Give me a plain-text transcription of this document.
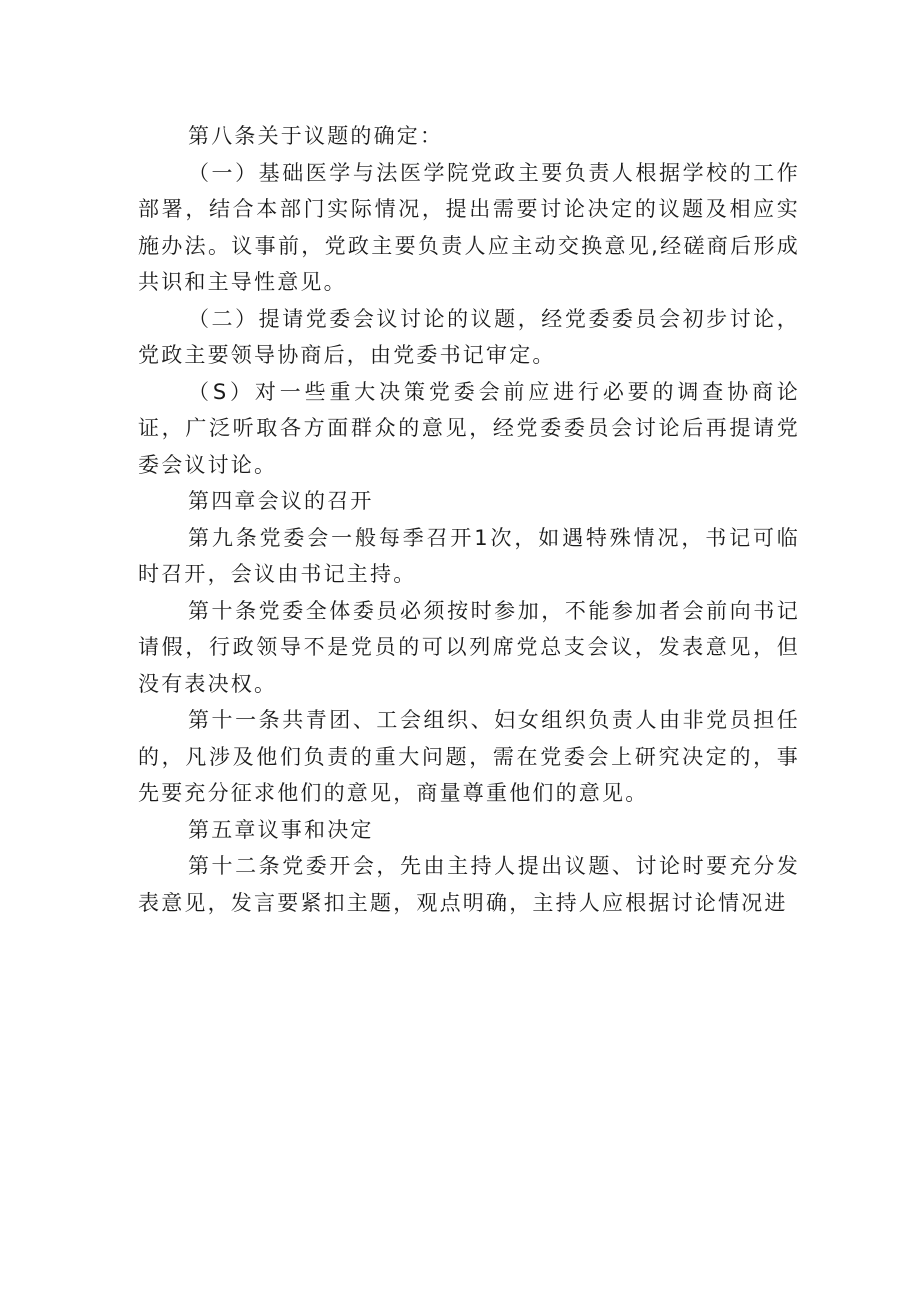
第八条关于议题的确定：

（一）基础医学与法医学院党政主要负责人根据学校的工作部署，结合本部门实际情况，提出需要讨论决定的议题及相应实施办法。议事前，党政主要负责人应主动交换意见,经磋商后形成共识和主导性意见。

（二）提请党委会议讨论的议题，经党委委员会初步讨论，党政主要领导协商后，由党委书记审定。

（S）对一些重大决策党委会前应进行必要的调查协商论证，广泛听取各方面群众的意见，经党委委员会讨论后再提请党委会议讨论。

第四章会议的召开

第九条党委会一般每季召开1次，如遇特殊情况，书记可临时召开，会议由书记主持。

第十条党委全体委员必须按时参加，不能参加者会前向书记请假，行政领导不是党员的可以列席党总支会议，发表意见，但没有表决权。

第十一条共青团、工会组织、妇女组织负责人由非党员担任的，凡涉及他们负责的重大问题，需在党委会上研究决定的，事先要充分征求他们的意见，商量尊重他们的意见。

第五章议事和决定

第十二条党委开会，先由主持人提出议题、讨论时要充分发表意见，发言要紧扣主题，观点明确，主持人应根据讨论情况进
